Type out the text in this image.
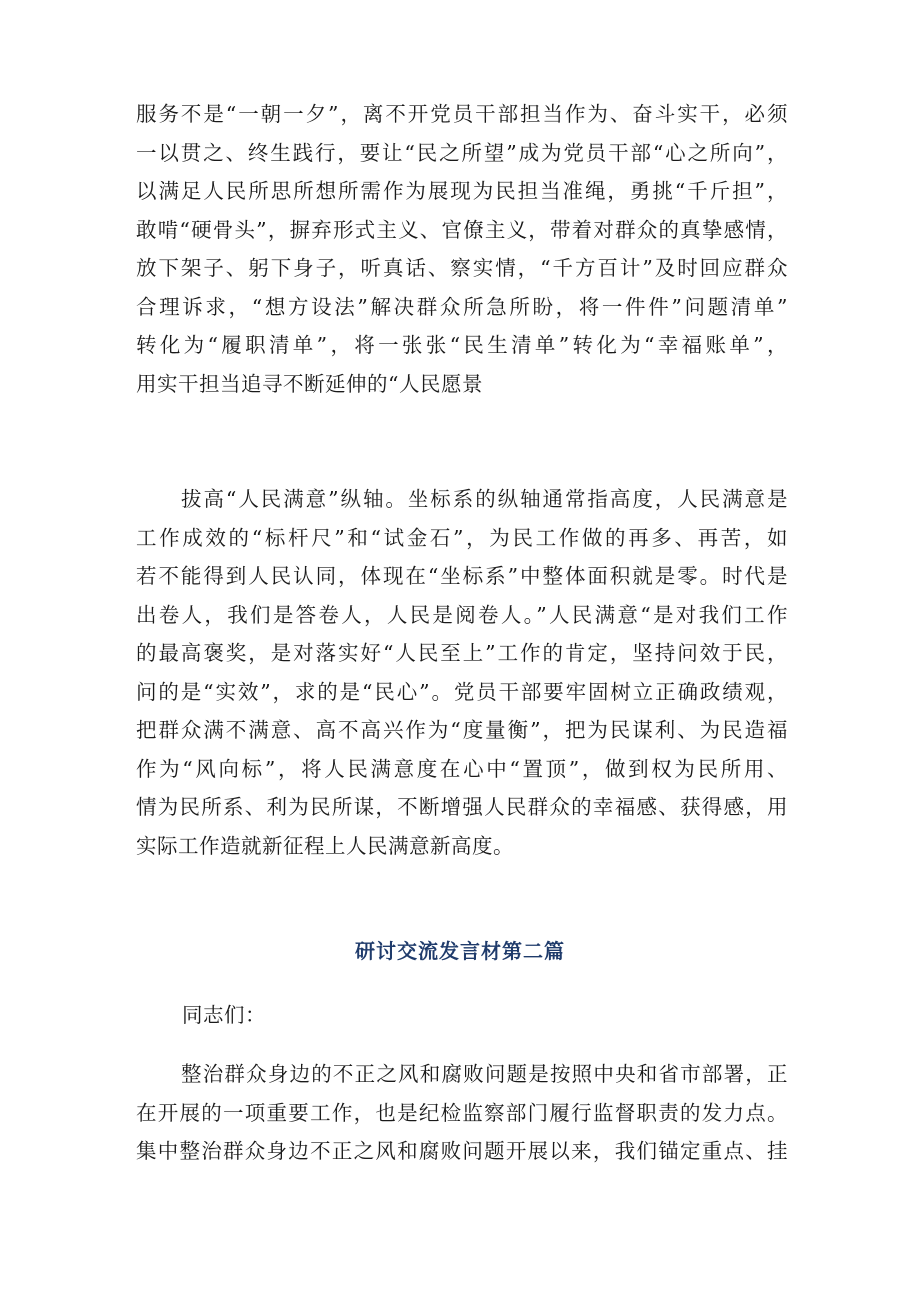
服务不是“一朝一夕”，离不开党员干部担当作为、奋斗实干，必须
一以贯之、终生践行，要让“民之所望”成为党员干部“心之所向”，
以满足人民所思所想所需作为展现为民担当准绳，勇挑“千斤担”，
敢啃“硬骨头”，摒弃形式主义、官僚主义，带着对群众的真挚感情，
放下架子、躬下身子，听真话、察实情，“千方百计”及时回应群众
合理诉求，“想方设法”解决群众所急所盼，将一件件”问题清单”
转化为“履职清单”，将一张张“民生清单”转化为“幸福账单”，
用实干担当追寻不断延伸的“人民愿景
拔高“人民满意”纵轴。坐标系的纵轴通常指高度，人民满意是
工作成效的“标杆尺”和“试金石”，为民工作做的再多、再苦，如
若不能得到人民认同，体现在“坐标系”中整体面积就是零。时代是
出卷人，我们是答卷人，人民是阅卷人。”人民满意“是对我们工作
的最高褒奖，是对落实好“人民至上”工作的肯定，坚持问效于民，
问的是“实效”，求的是“民心”。党员干部要牢固树立正确政绩观，
把群众满不满意、高不高兴作为“度量衡”，把为民谋利、为民造福
作为“风向标”，将人民满意度在心中“置顶”，做到权为民所用、
情为民所系、利为民所谋，不断增强人民群众的幸福感、获得感，用
实际工作造就新征程上人民满意新高度。
研讨交流发言材第二篇
同志们：
整治群众身边的不正之风和腐败问题是按照中央和省市部署，正
在开展的一项重要工作，也是纪检监察部门履行监督职责的发力点。
集中整治群众身边不正之风和腐败问题开展以来，我们锚定重点、挂
